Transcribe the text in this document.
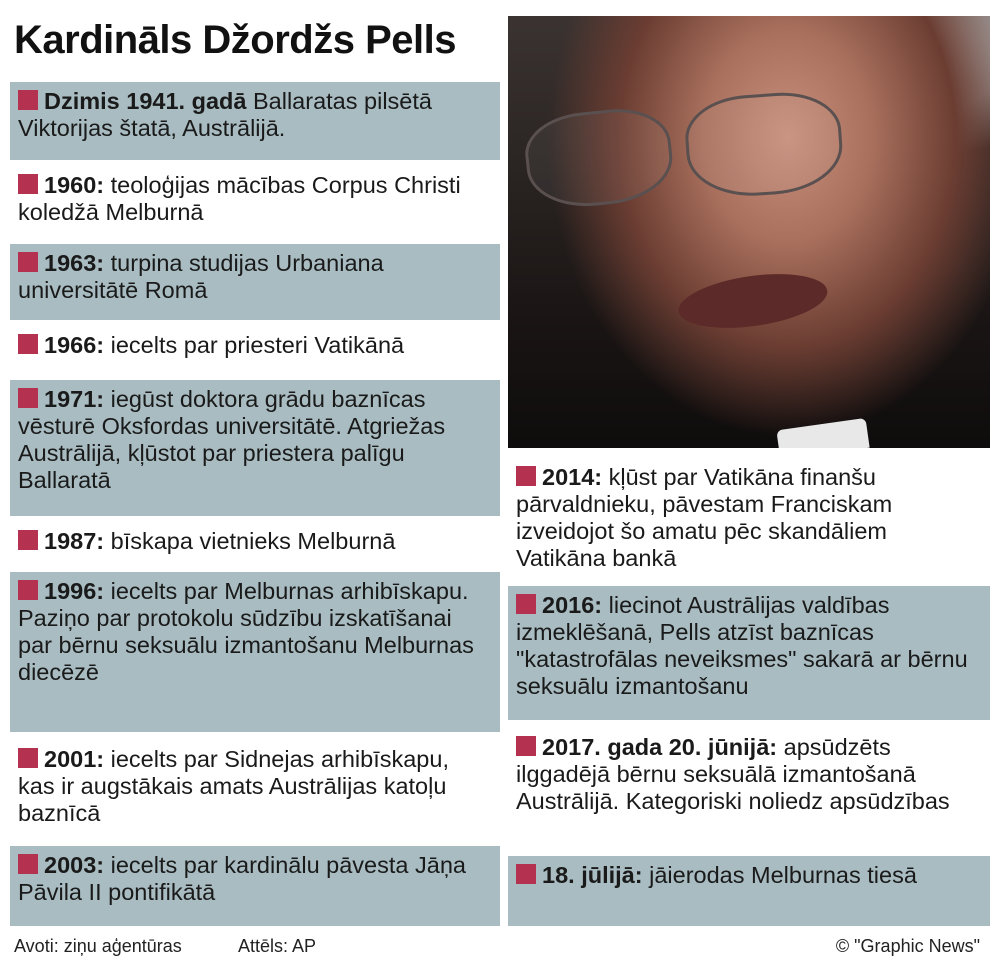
Kardināls Džordžs Pells
Dzimis 1941. gadā Ballaratas pilsētā Viktorijas štatā, Austrālijā.
1960: teoloģijas mācības Corpus Christi koledžā Melburnā
1963: turpina studijas Urbaniana universitātē Romā
1966: iecelts par priesteri Vatikānā
1971: iegūst doktora grādu baznīcas vēsturē Oksfordas universitātē. Atgriežas Austrālijā, kļūstot par priestera palīgu Ballaratā
1987: bīskapa vietnieks Melburnā
1996: iecelts par Melburnas arhibīskapu. Paziņo par protokolu sūdzību izskatīšanai par bērnu seksuālu izmantošanu Melburnas diecēzē
2001: iecelts par Sidnejas arhibīskapu, kas ir augstākais amats Austrālijas katoļu baznīcā
2003: iecelts par kardinālu pāvesta Jāņa Pāvila II pontifikātā
2014: kļūst par Vatikāna finanšu pārvaldnieku, pāvestam Franciskam izveidojot šo amatu pēc skandāliem Vatikāna bankā
2016: liecinot Austrālijas valdības izmeklēšanā, Pells atzīst baznīcas "katastrofālas neveiksmes" sakarā ar bērnu seksuālu izmantošanu
2017. gada 20. jūnijā: apsūdzēts ilggadējā bērnu seksuālā izmantošanā Austrālijā. Kategoriski noliedz apsūdzības
18. jūlijā: jāierodas Melburnas tiesā
Avoti: ziņu aģentūras	Attēls: AP	© "Graphic News"
